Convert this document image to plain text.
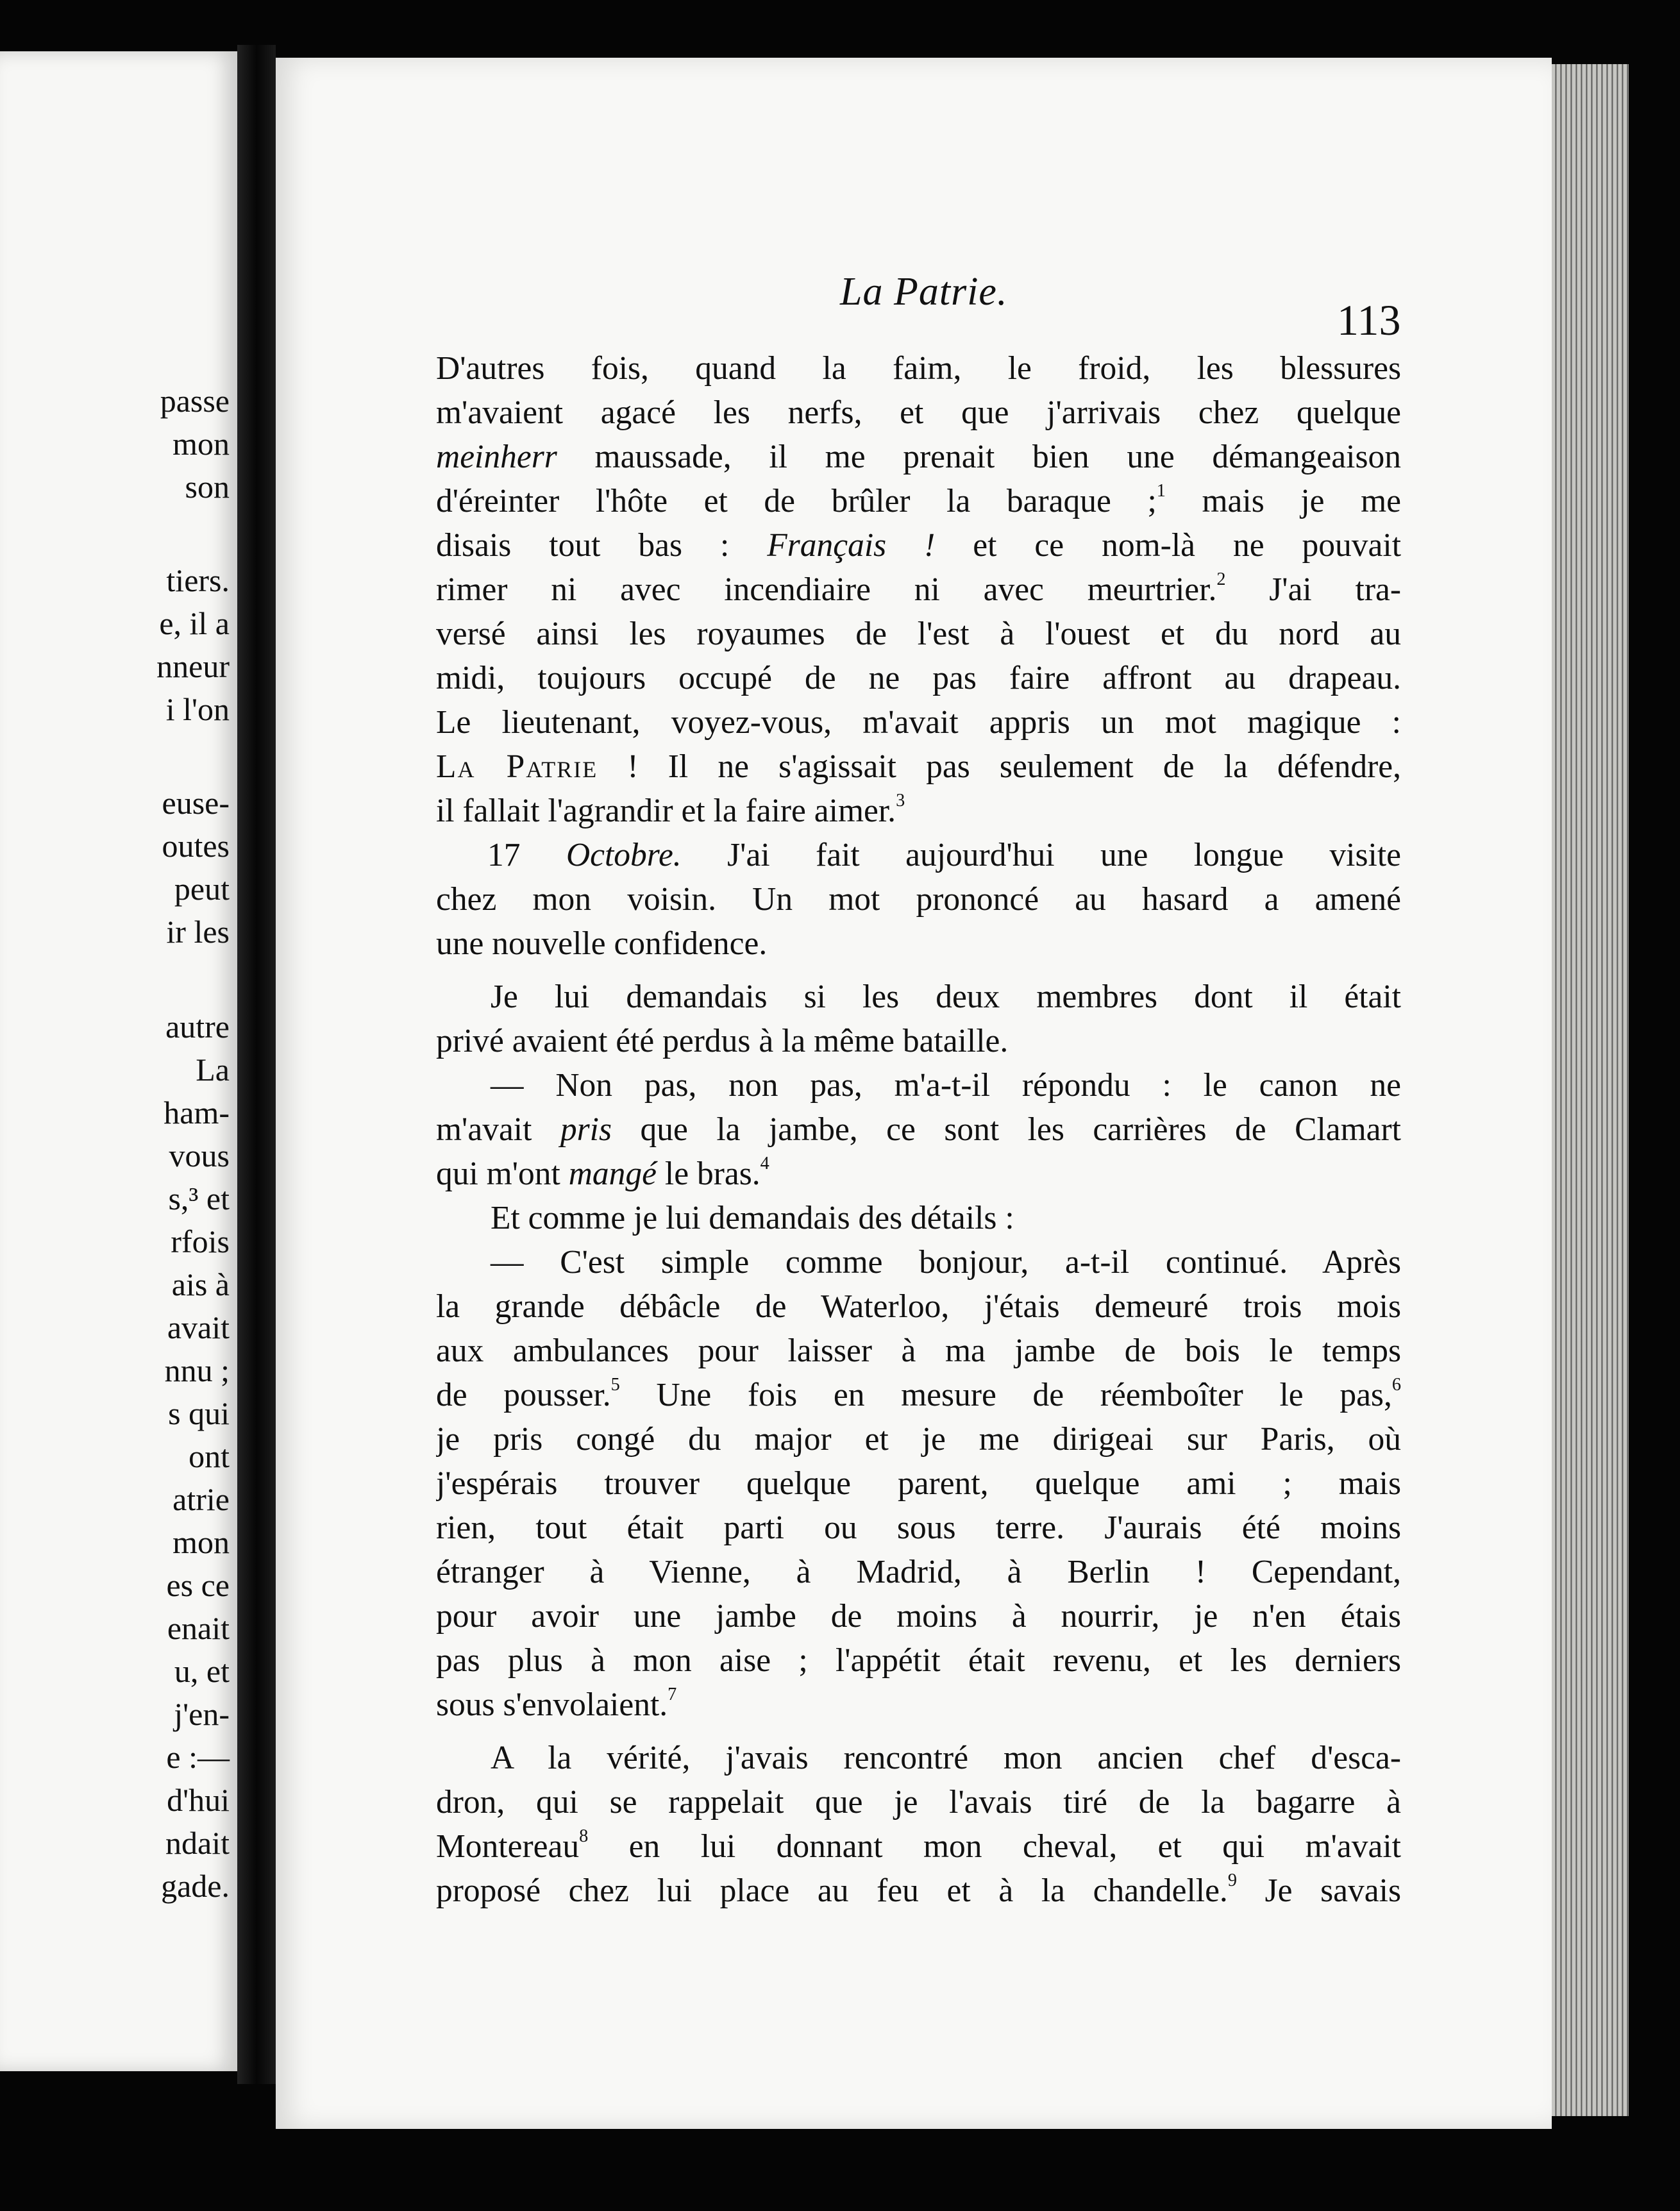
passe
mon
son
tiers.
e, il a
nneur
i l'on
euse-
outes
peut
ir les
autre
La
ham-
vous
s,³ et
rfois
ais à
avait
nnu ;
s qui
ont
atrie
mon
es ce
enait
u, et
j'en-
e :—
d'hui
ndait
gade.
La Patrie.
113
D'autres fois, quand la faim, le froid, les blessures
m'avaient agacé les nerfs, et que j'arrivais chez quelque
meinherr maussade, il me prenait bien une démangeaison
d'éreinter l'hôte et de brûler la baraque ;$^1$ mais je me
disais tout bas : Français ! et ce nom-là ne pouvait
rimer ni avec incendiaire ni avec meurtrier.$^2$ J'ai tra-
versé ainsi les royaumes de l'est à l'ouest et du nord au
midi, toujours occupé de ne pas faire affront au drapeau.
Le lieutenant, voyez-vous, m'avait appris un mot magique :
La Patrie ! Il ne s'agissait pas seulement de la défendre,
il fallait l'agrandir et la faire aimer.$^3$
17 Octobre. J'ai fait aujourd'hui une longue visite
chez mon voisin. Un mot prononcé au hasard a amené
une nouvelle confidence.
Je lui demandais si les deux membres dont il était
privé avaient été perdus à la même bataille.
— Non pas, non pas, m'a-t-il répondu : le canon ne
m'avait pris que la jambe, ce sont les carrières de Clamart
qui m'ont mangé le bras.$^4$
Et comme je lui demandais des détails :
— C'est simple comme bonjour, a-t-il continué. Après
la grande débâcle de Waterloo, j'étais demeuré trois mois
aux ambulances pour laisser à ma jambe de bois le temps
de pousser.$^5$ Une fois en mesure de réemboîter le pas,$^6$
je pris congé du major et je me dirigeai sur Paris, où
j'espérais trouver quelque parent, quelque ami ; mais
rien, tout était parti ou sous terre. J'aurais été moins
étranger à Vienne, à Madrid, à Berlin ! Cependant,
pour avoir une jambe de moins à nourrir, je n'en étais
pas plus à mon aise ; l'appétit était revenu, et les derniers
sous s'envolaient.$^7$
A la vérité, j'avais rencontré mon ancien chef d'esca-
dron, qui se rappelait que je l'avais tiré de la bagarre à
Montereau$^8$ en lui donnant mon cheval, et qui m'avait
proposé chez lui place au feu et à la chandelle.$^9$ Je savais
